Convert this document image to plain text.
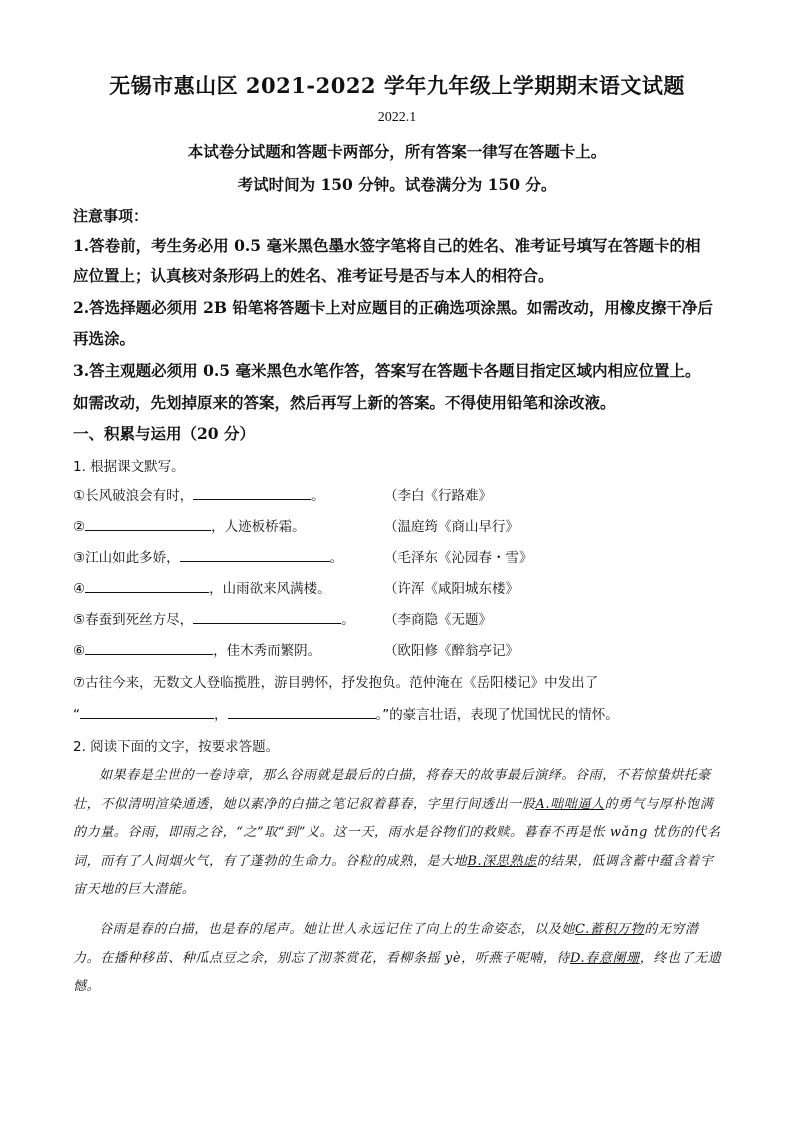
无锡市惠山区 2021-2022 学年九年级上学期期末语文试题
2022.1
本试卷分试题和答题卡两部分，所有答案一律写在答题卡上。
考试时间为 150 分钟。试卷满分为 150 分。
注意事项：
1.答卷前，考生务必用 0.5 毫米黑色墨水签字笔将自己的姓名、准考证号填写在答题卡的相
应位置上；认真核对条形码上的姓名、准考证号是否与本人的相符合。
2.答选择题必须用 2B 铅笔将答题卡上对应题目的正确选项涂黑。如需改动，用橡皮擦干净后
再选涂。
3.答主观题必须用 0.5 毫米黑色水笔作答，答案写在答题卡各题目指定区域内相应位置上。
如需改动，先划掉原来的答案，然后再写上新的答案。不得使用铅笔和涂改液。
一、积累与运用（20 分）
1. 根据课文默写。
①长风破浪会有时，	。	（李白《行路难》
②	，人迹板桥霜。	（温庭筠《商山早行》
③江山如此多娇，	。	（毛泽东《沁园春・雪》
④	，山雨欲来风满楼。	（许浑《咸阳城东楼》
⑤春蚕到死丝方尽，	。 （李商隐《无题》
⑥	，佳木秀而繁阴。	（欧阳修《醉翁亭记》
⑦古往今来，无数文人登临揽胜，游目骋怀，抒发抱负。范仲淹在《岳阳楼记》中发出了
“	，	。”的豪言壮语，表现了忧国忧民的情怀。
2. 阅读下面的文字，按要求答题。
如果春是尘世的一卷诗章，那么谷雨就是最后的白描，将春天的故事最后演绎。谷雨，不若惊蛰烘托豪壮，不似清明渲染通透，她以素净的白描之笔记叙着暮春，字里行间透出一股A.咄咄逼人的勇气与厚朴饱满的力量。谷雨，即雨之谷，“之”取“到”义。这一天，雨水是谷物们的救赎。暮春不再是怅 wǎng 忧伤的代名词，而有了人间烟火气，有了蓬勃的生命力。谷粒的成熟，是大地B.深思熟虑的结果，低调含蓄中蕴含着宇宙天地的巨大潜能。
谷雨是春的白描，也是春的尾声。她让世人永远记住了向上的生命姿态，以及她C.蓄积万物的无穷潜力。在播种移苗、种瓜点豆之余，别忘了沏茶赏花，看柳条摇 yè，听燕子呢喃，待D.春意阑珊，终也了无遗憾。
